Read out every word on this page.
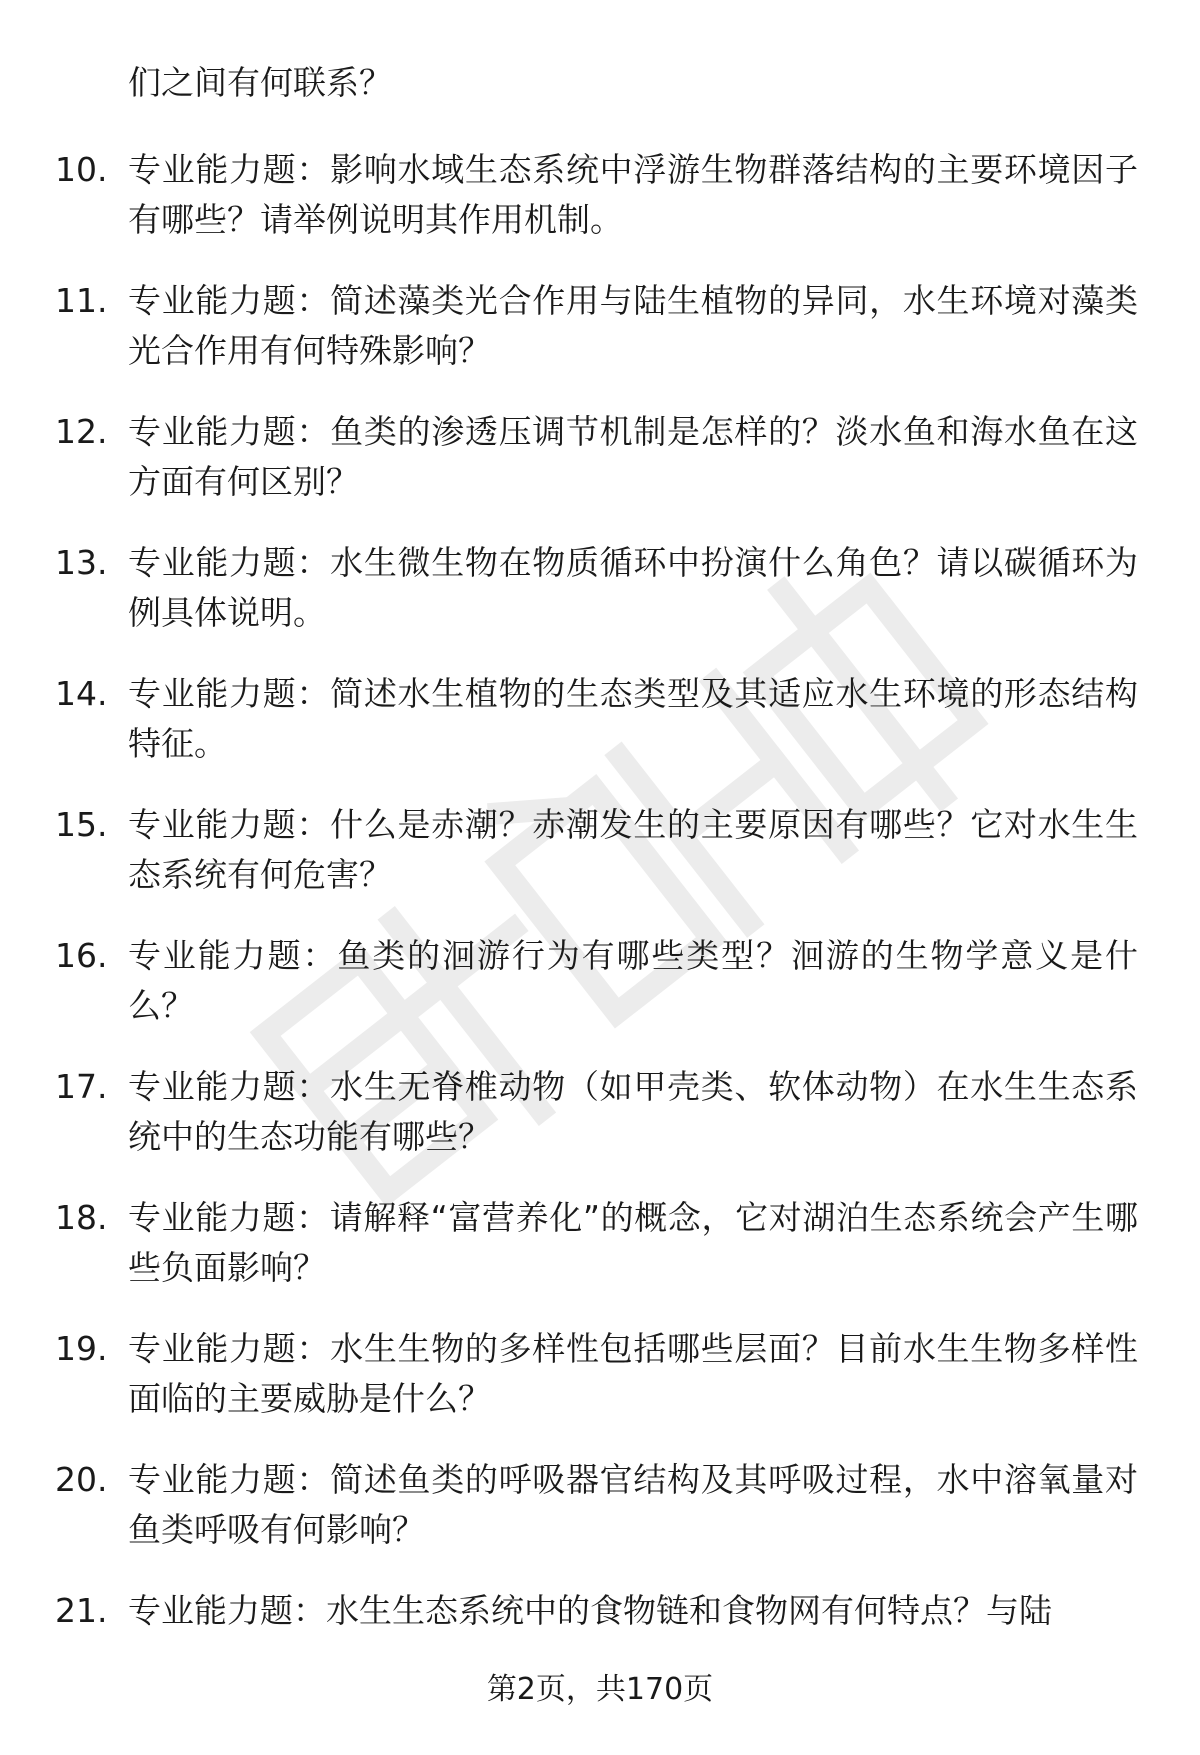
们之间有何联系？
10. 专业能力题：影响水域生态系统中浮游生物群落结构的主要环境因子有哪些？请举例说明其作用机制。
11. 专业能力题：简述藻类光合作用与陆生植物的异同，水生环境对藻类光合作用有何特殊影响？
12. 专业能力题：鱼类的渗透压调节机制是怎样的？淡水鱼和海水鱼在这方面有何区别？
13. 专业能力题：水生微生物在物质循环中扮演什么角色？请以碳循环为例具体说明。
14. 专业能力题：简述水生植物的生态类型及其适应水生环境的形态结构特征。
15. 专业能力题：什么是赤潮？赤潮发生的主要原因有哪些？它对水生生态系统有何危害？
16. 专业能力题：鱼类的洄游行为有哪些类型？洄游的生物学意义是什么？
17. 专业能力题：水生无脊椎动物（如甲壳类、软体动物）在水生生态系统中的生态功能有哪些？
18. 专业能力题：请解释“富营养化”的概念，它对湖泊生态系统会产生哪些负面影响？
19. 专业能力题：水生生物的多样性包括哪些层面？目前水生生物多样性面临的主要威胁是什么？
20. 专业能力题：简述鱼类的呼吸器官结构及其呼吸过程，水中溶氧量对鱼类呼吸有何影响？
21. 专业能力题：水生生态系统中的食物链和食物网有何特点？与陆
第2页，共170页
